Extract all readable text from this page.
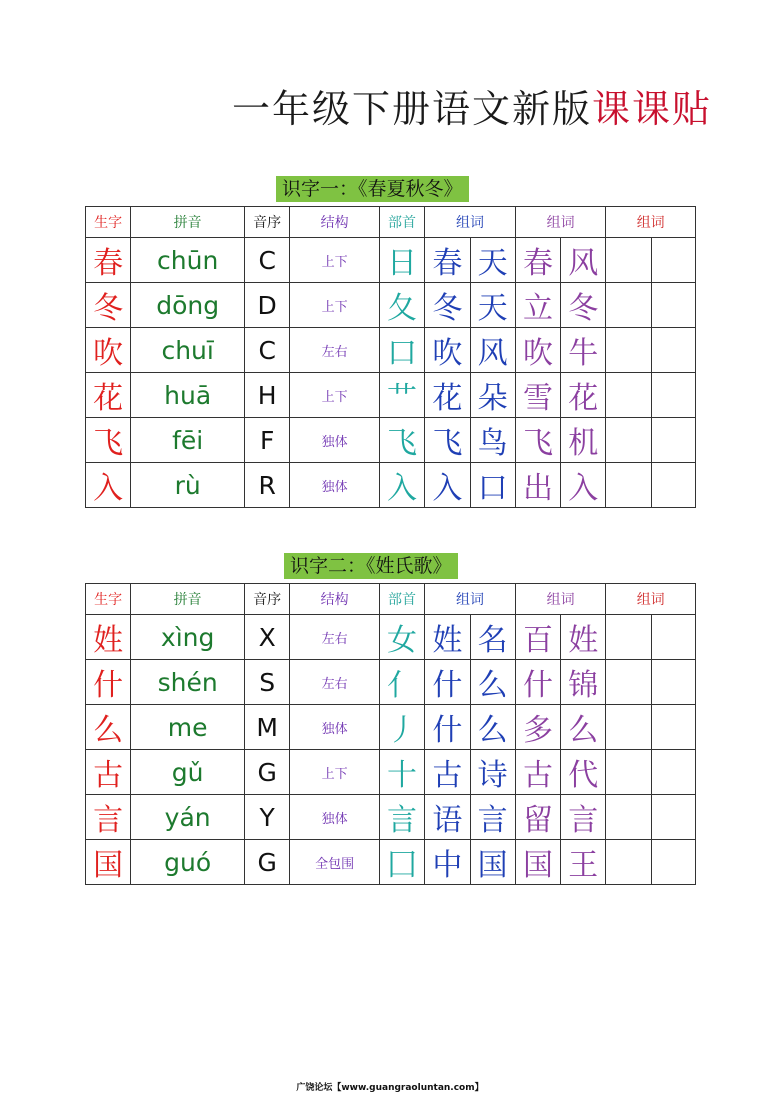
一年级下册语文新版课课贴
识字一：《春夏秋冬》
生字	拼音	音序	结构	部首	组词		组词		组词	
春	chūn	C	上下	日	春	天	春	风		
冬	dōng	D	上下	夂	冬	天	立	冬		
吹	chuī	C	左右	口	吹	风	吹	牛		
花	huā	H	上下	艹	花	朵	雪	花		
飞	fēi	F	独体	飞	飞	鸟	飞	机		
入	rù	R	独体	入	入	口	出	入		
识字二：《姓氏歌》
生字	拼音	音序	结构	部首	组词		组词		组词	
姓	xìng	X	左右	女	姓	名	百	姓		
什	shén	S	左右	亻	什	么	什	锦		
么	me	M	独体	丿	什	么	多	么		
古	gǔ	G	上下	十	古	诗	古	代		
言	yán	Y	独体	言	语	言	留	言		
国	guó	G	全包围	囗	中	国	国	王		
广饶论坛【www.guangraoluntan.com】
